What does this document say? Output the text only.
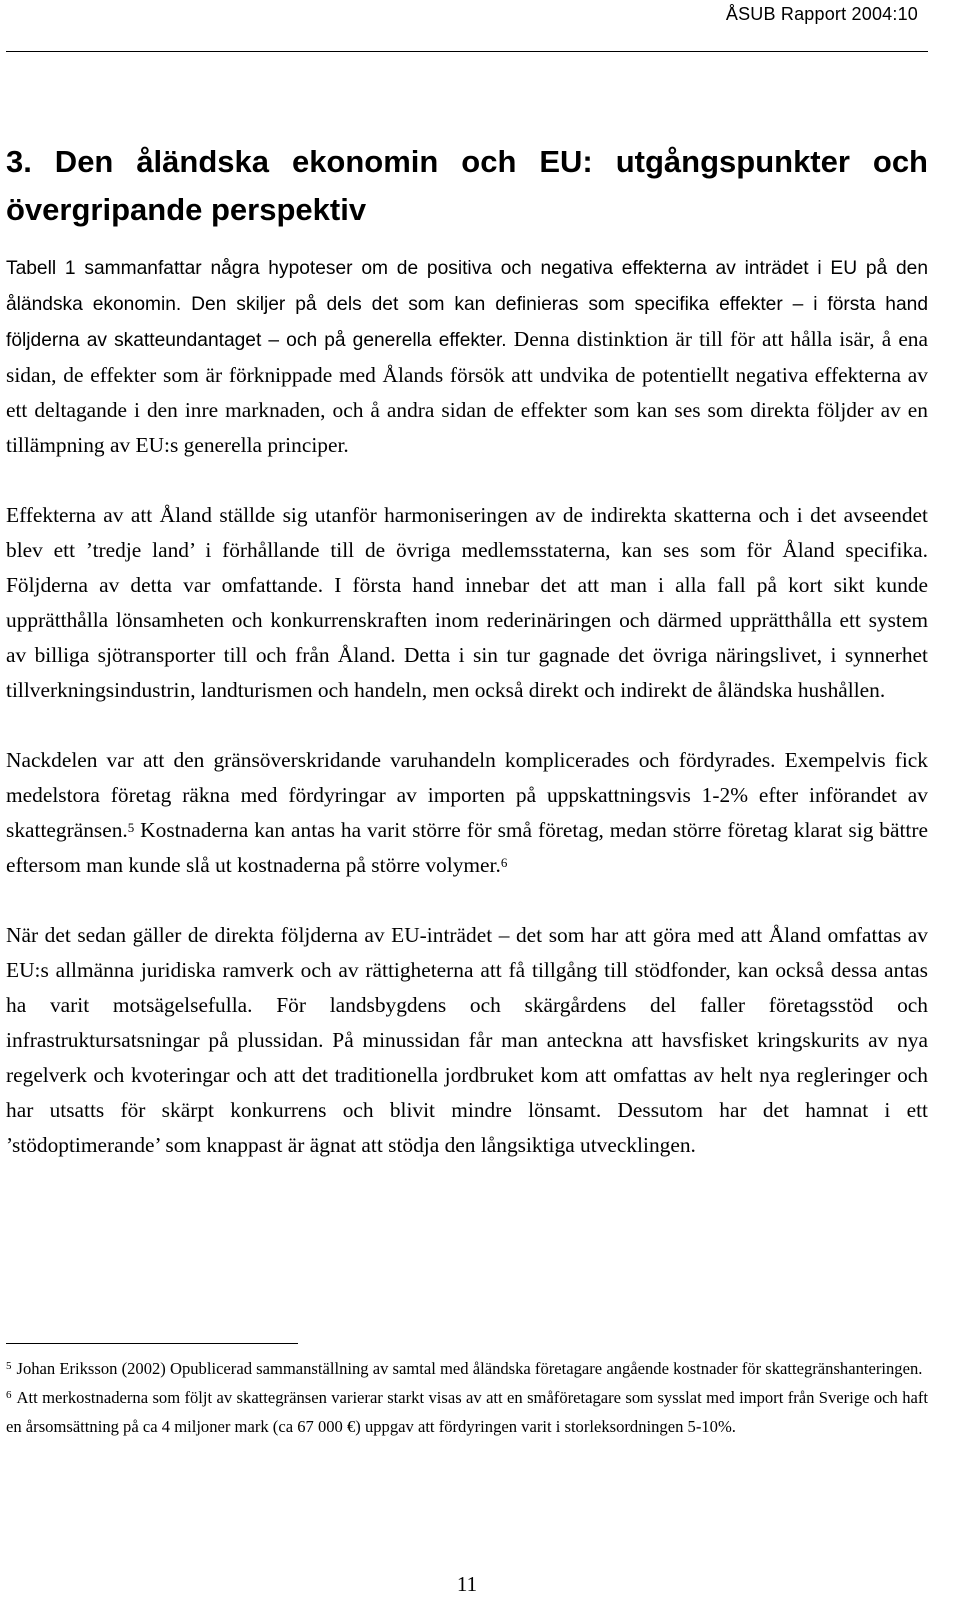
ÅSUB Rapport 2004:10
3. Den åländska ekonomin och EU: utgångspunkter och övergripande perspektiv

Tabell 1 sammanfattar några hypoteser om de positiva och negativa effekterna av inträdet i EU på den åländska ekonomin. Den skiljer på dels det som kan definieras som specifika effekter – i första hand följderna av skatteundantaget – och på generella effekter. Denna distinktion är till för att hålla isär, å ena sidan, de effekter som är förknippade med Ålands försök att undvika de potentiellt negativa effekterna av ett deltagande i den inre marknaden, och å andra sidan de effekter som kan ses som direkta följder av en tillämpning av EU:s generella principer.

Effekterna av att Åland ställde sig utanför harmoniseringen av de indirekta skatterna och i det avseendet blev ett ’tredje land’ i förhållande till de övriga medlemsstaterna, kan ses som för Åland specifika. Följderna av detta var omfattande. I första hand innebar det att man i alla fall på kort sikt kunde upprätthålla lönsamheten och konkurrenskraften inom rederinäringen och därmed upprätthålla ett system av billiga sjötransporter till och från Åland. Detta i sin tur gagnade det övriga näringslivet, i synnerhet tillverkningsindustrin, landturismen och handeln, men också direkt och indirekt de åländska hushållen.

Nackdelen var att den gränsöverskridande varuhandeln komplicerades och fördyrades. Exempelvis fick medelstora företag räkna med fördyringar av importen på uppskattningsvis 1-2% efter införandet av skattegränsen.$^5$ Kostnaderna kan antas ha varit större för små företag, medan större företag klarat sig bättre eftersom man kunde slå ut kostnaderna på större volymer.$^6$

När det sedan gäller de direkta följderna av EU-inträdet – det som har att göra med att Åland omfattas av EU:s allmänna juridiska ramverk och av rättigheterna att få tillgång till stödfonder, kan också dessa antas ha varit motsägelsefulla. För landsbygdens och skärgårdens del faller företagsstöd och infrastruktursatsningar på plussidan. På minussidan får man anteckna att havsfisket kringskurits av nya regelverk och kvoteringar och att det traditionella jordbruket kom att omfattas av helt nya regleringer och har utsatts för skärpt konkurrens och blivit mindre lönsamt. Dessutom har det hamnat i ett ’stödoptimerande’ som knappast är ägnat att stödja den långsiktiga utvecklingen.

$^5$ Johan Eriksson (2002) Opublicerad sammanställning av samtal med åländska företagare angående kostnader för skattegränshanteringen.

$^6$ Att merkostnaderna som följt av skattegränsen varierar starkt visas av att en småföretagare som sysslat med import från Sverige och haft en årsomsättning på ca 4 miljoner mark (ca 67 000 €) uppgav att fördyringen varit i storleksordningen 5-10%.

11
